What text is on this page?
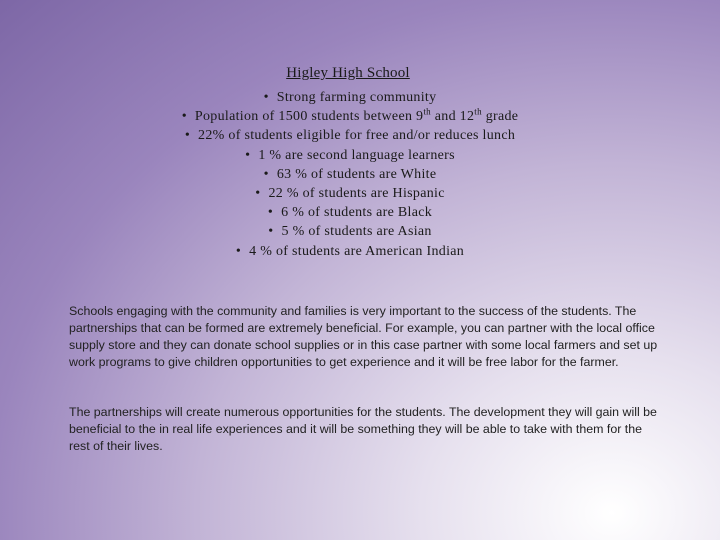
Higley High School
• Strong farming community
• Population of 1500 students between 9th and 12th grade
• 22% of students eligible for free and/or reduces lunch
• 1 % are second language learners
• 63 % of students are White
• 22 % of students are Hispanic
• 6 % of students are Black
• 5 % of students are Asian
• 4 % of students are American Indian

Schools engaging with the community and families is very important to the success of the students. The partnerships that can be formed are extremely beneficial. For example, you can partner with the local office supply store and they can donate school supplies or in this case partner with some local farmers and set up work programs to give children opportunities to get experience and it will be free labor for the farmer.

The partnerships will create numerous opportunities for the students. The development they will gain will be beneficial to the in real life experiences and it will be something they will be able to take with them for the rest of their lives.
